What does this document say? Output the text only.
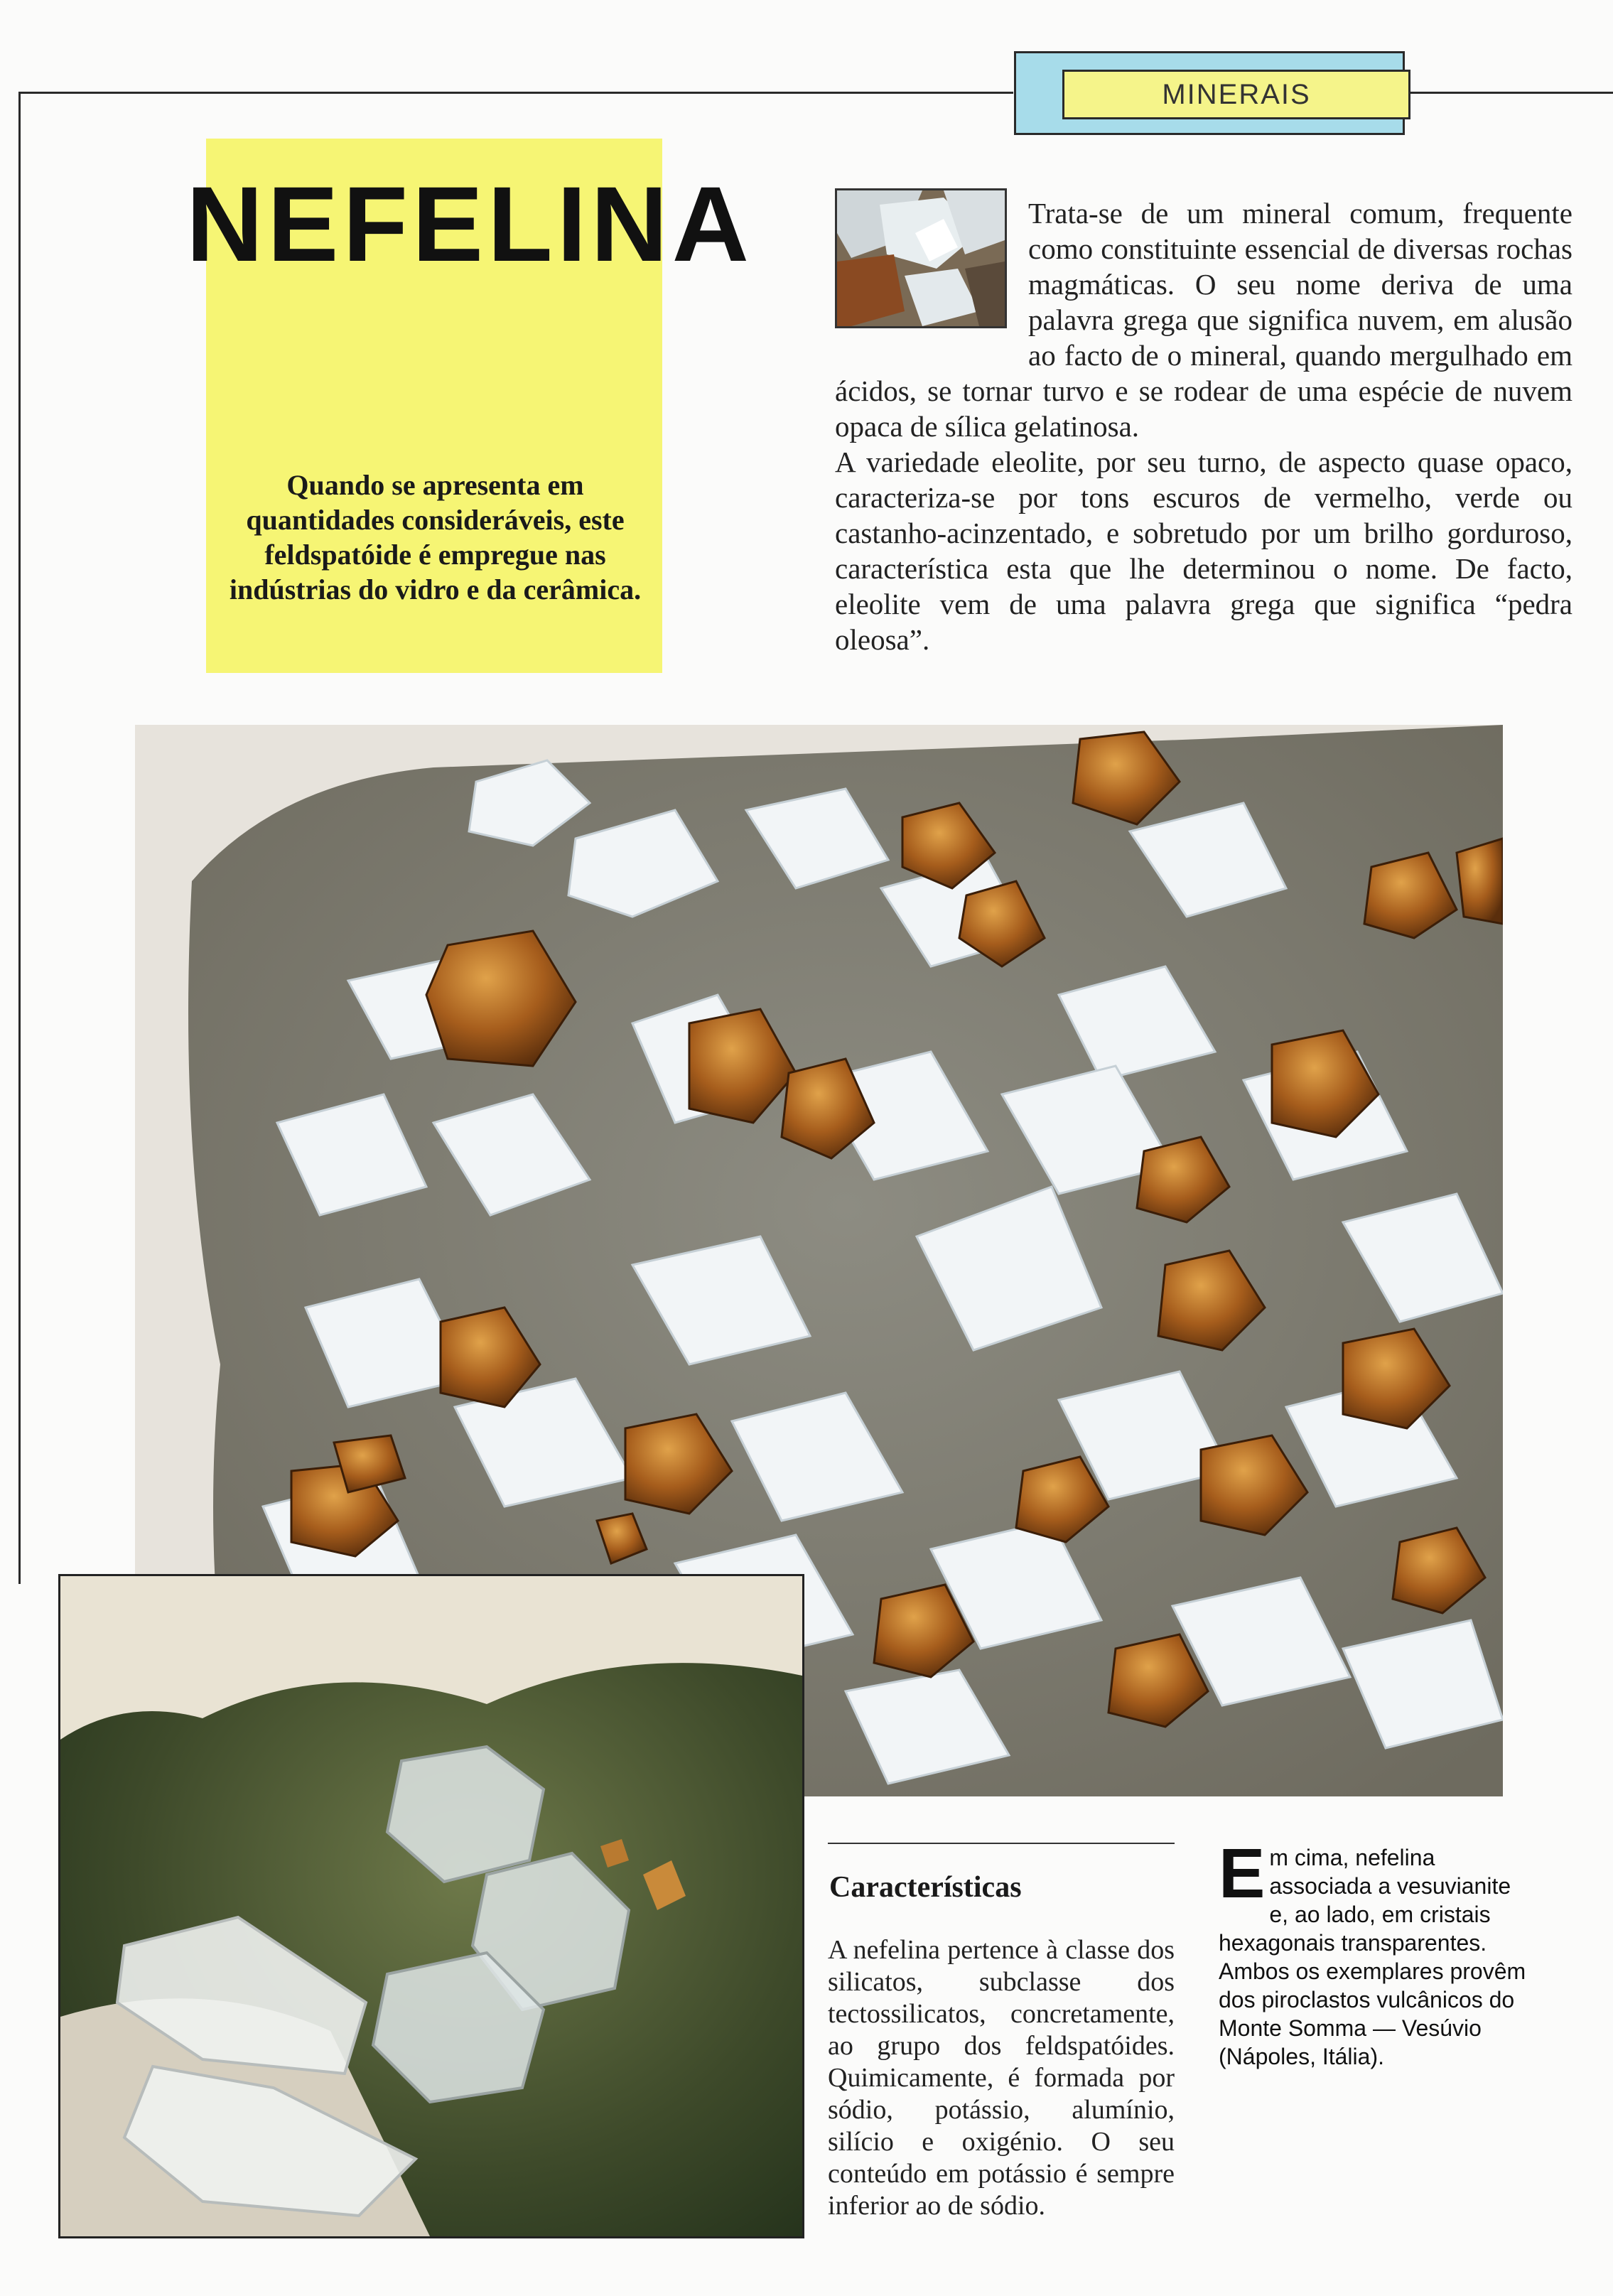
MINERAIS
NEFELINA
Quando se apresenta em quantidades consideráveis, este feldspatóide é empregue nas indústrias do vidro e da cerâmica.

Trata-se de um mineral comum, frequente como constituinte essencial de diversas rochas magmáticas. O seu nome deriva de uma palavra grega que significa nuvem, em alusão ao facto de o mineral, quando mergulhado em ácidos, se tornar turvo e se rodear de uma espécie de nuvem opaca de sílica gelatinosa.

A variedade eleolite, por seu turno, de aspecto quase opaco, caracteriza-se por tons escuros de vermelho, verde ou castanho-acinzentado, e sobretudo por um brilho gorduroso, característica esta que lhe determinou o nome. De facto, eleolite vem de uma palavra grega que significa “pedra oleosa”.

Características

A nefelina pertence à classe dos silicatos, subclasse dos tectossilicatos, concretamente, ao grupo dos feldspatóides. Quimicamente, é formada por sódio, potássio, alumínio, silício e oxigénio. O seu conteúdo em potássio é sempre inferior ao de sódio.

Em cima, nefelina associada a vesuvianite e, ao lado, em cristais hexagonais transparentes. Ambos os exemplares provêm dos piroclastos vulcânicos do Monte Somma — Vesúvio (Nápoles, Itália).
